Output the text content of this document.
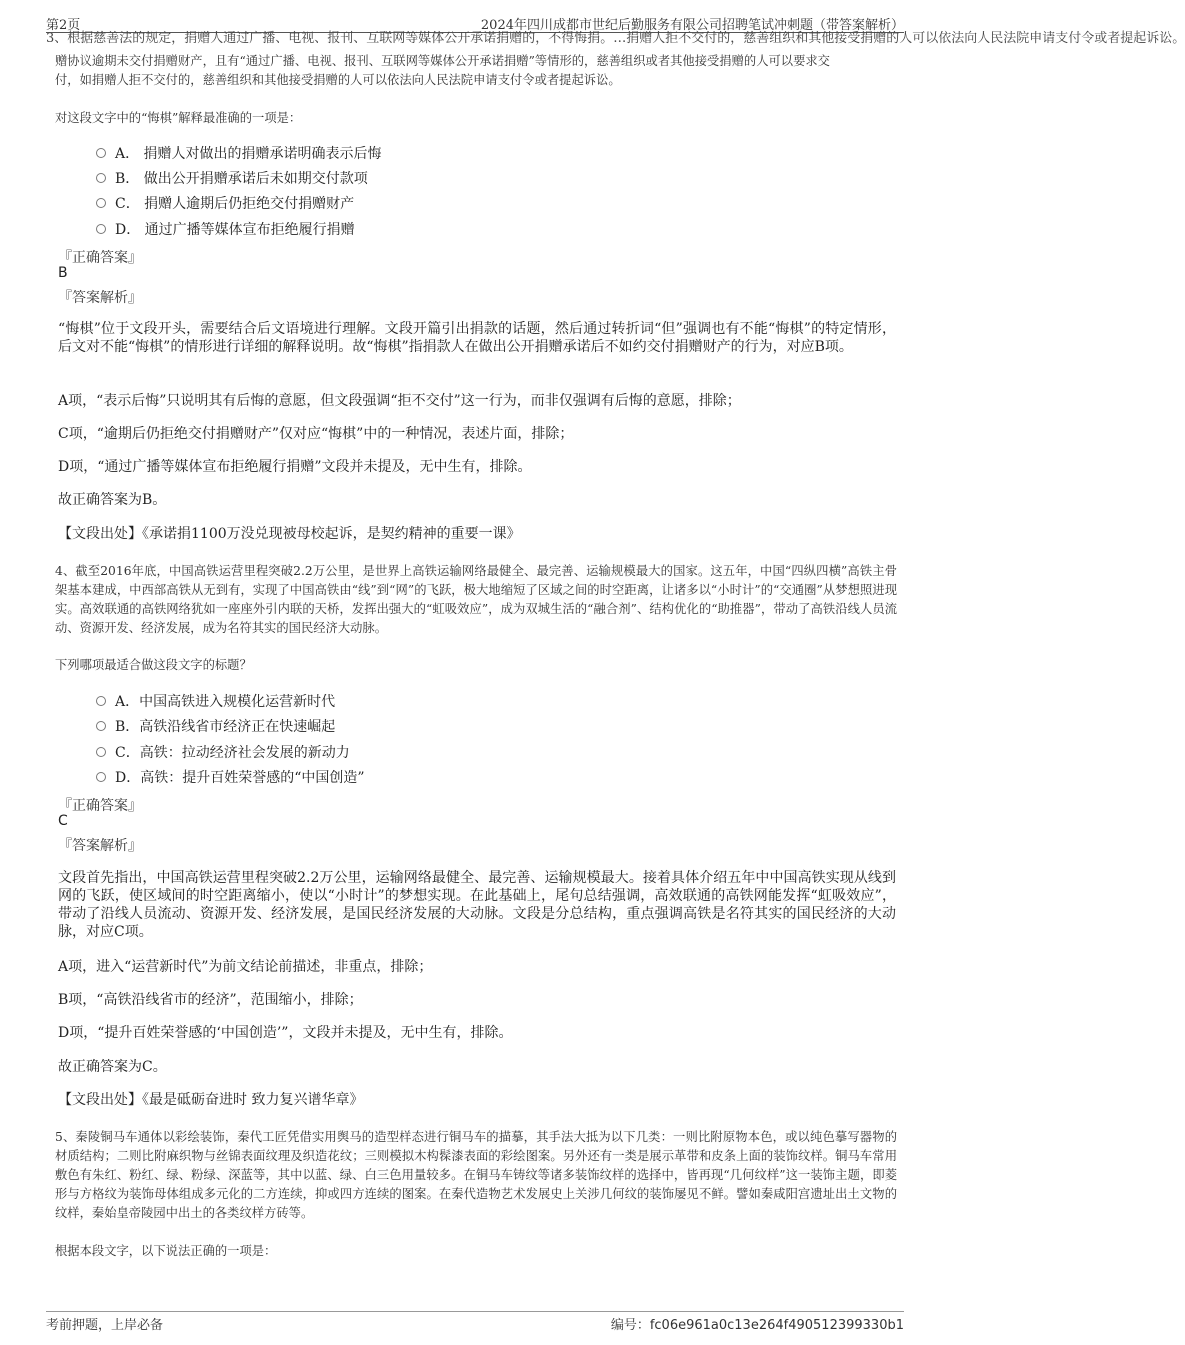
第2页	2024年四川成都市世纪后勤服务有限公司招聘笔试冲刺题（带答案解析）
3、根据慈善法的规定，捐赠人通过广播、电视、报刊、互联网等媒体公开承诺捐赠的，不得悔捐。…捐赠人拒不交付的，慈善组织和其他接受捐赠的人可以依法向人民法院申请支付令或者提起诉讼。
赠协议逾期未交付捐赠财产，且有“通过广播、电视、报刊、互联网等媒体公开承诺捐赠”等情形的，慈善组织或者其他接受捐赠的人可以要求交
付，如捐赠人拒不交付的，慈善组织和其他接受捐赠的人可以依法向人民法院申请支付令或者提起诉讼。
对这段文字中的“悔棋”解释最准确的一项是：
A． 捐赠人对做出的捐赠承诺明确表示后悔
B． 做出公开捐赠承诺后未如期交付款项
C． 捐赠人逾期后仍拒绝交付捐赠财产
D． 通过广播等媒体宣布拒绝履行捐赠
『正确答案』
B
『答案解析』
“悔棋”位于文段开头，需要结合后文语境进行理解。文段开篇引出捐款的话题，然后通过转折词“但”强调也有不能“悔棋”的特定情形，后文对不能“悔棋”的情形进行详细的解释说明。故“悔棋”指捐款人在做出公开捐赠承诺后不如约交付捐赠财产的行为，对应B项。
A项，“表示后悔”只说明其有后悔的意愿，但文段强调“拒不交付”这一行为，而非仅强调有后悔的意愿，排除；
C项，“逾期后仍拒绝交付捐赠财产”仅对应“悔棋”中的一种情况，表述片面，排除；
D项，“通过广播等媒体宣布拒绝履行捐赠”文段并未提及，无中生有，排除。
故正确答案为B。
【文段出处】《承诺捐1100万没兑现被母校起诉，是契约精神的重要一课》
4、截至2016年底，中国高铁运营里程突破2.2万公里，是世界上高铁运输网络最健全、最完善、运输规模最大的国家。这五年，中国“四纵四横”高铁主骨架基本建成，中西部高铁从无到有，实现了中国高铁由“线”到“网”的飞跃，极大地缩短了区域之间的时空距离，让诸多以“小时计”的“交通圈”从梦想照进现实。高效联通的高铁网络犹如一座座外引内联的天桥，发挥出强大的“虹吸效应”，成为双城生活的“融合剂”、结构优化的“助推器”，带动了高铁沿线人员流动、资源开发、经济发展，成为名符其实的国民经济大动脉。
下列哪项最适合做这段文字的标题？
A．中国高铁进入规模化运营新时代
B．高铁沿线省市经济正在快速崛起
C．高铁：拉动经济社会发展的新动力
D．高铁：提升百姓荣誉感的“中国创造”
『正确答案』
C
『答案解析』
文段首先指出，中国高铁运营里程突破2.2万公里，运输网络最健全、最完善、运输规模最大。接着具体介绍五年中中国高铁实现从线到网的飞跃，使区域间的时空距离缩小，使以“小时计”的梦想实现。在此基础上，尾句总结强调，高效联通的高铁网能发挥“虹吸效应”，带动了沿线人员流动、资源开发、经济发展，是国民经济发展的大动脉。文段是分总结构，重点强调高铁是名符其实的国民经济的大动脉，对应C项。
A项，进入“运营新时代”为前文结论前描述，非重点，排除；
B项，“高铁沿线省市的经济”，范围缩小，排除；
D项，“提升百姓荣誉感的‘中国创造’”，文段并未提及，无中生有，排除。
故正确答案为C。
【文段出处】《最是砥砺奋进时 致力复兴谱华章》
5、秦陵铜马车通体以彩绘装饰，秦代工匠凭借实用舆马的造型样态进行铜马车的描摹，其手法大抵为以下几类：一则比附原物本色，或以纯色摹写器物的材质结构；二则比附麻织物与丝锦表面纹理及织造花纹；三则模拟木构髹漆表面的彩绘图案。另外还有一类是展示革带和皮条上面的装饰纹样。铜马车常用敷色有朱红、粉红、绿、粉绿、深蓝等，其中以蓝、绿、白三色用量较多。在铜马车铸纹等诸多装饰纹样的选择中，皆再现“几何纹样”这一装饰主题，即菱形与方格纹为装饰母体组成多元化的二方连续，抑或四方连续的图案。在秦代造物艺术发展史上关涉几何纹的装饰屡见不鲜。譬如秦咸阳宫遗址出土文物的纹样，秦始皇帝陵园中出土的各类纹样方砖等。
根据本段文字，以下说法正确的一项是：
考前押题，上岸必备	编号：fc06e961a0c13e264f490512399330b1
